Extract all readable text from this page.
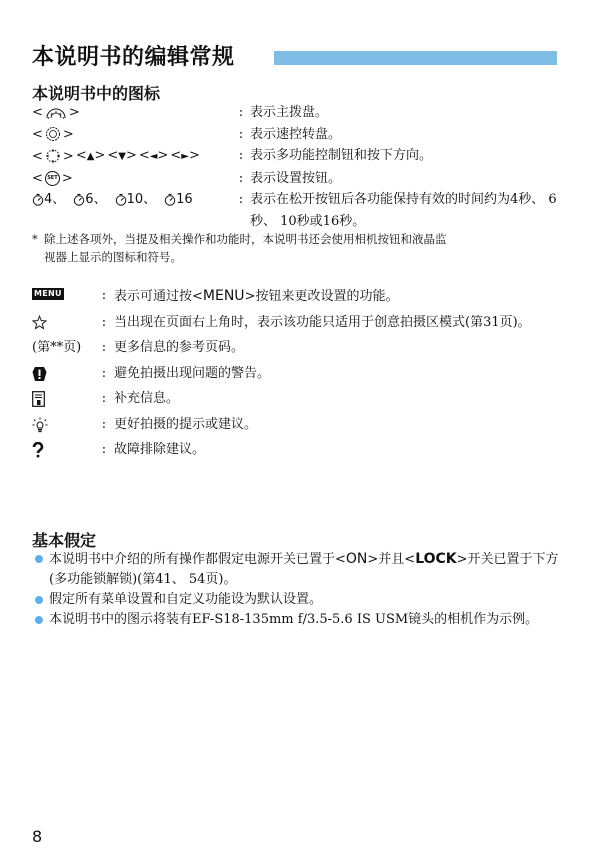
本说明书的编辑常规
本说明书中的图标
< >	: 表示主拨盘。
< >	: 表示速控转盘。
< > <▲> <▼> <◄> <►>	: 表示多功能控制钮和按下方向。
< SET >	: 表示设置按钮。
4、	6、	10、	16	: 表示在松开按钮后各功能保持有效的时间约为4秒、 6秒、 10秒或16秒。
* 除上述各项外，当提及相关操作和功能时，本说明书还会使用相机按钮和液晶监
视器上显示的图标和符号。
MENU	: 表示可通过按<MENU>按钮来更改设置的功能。
: 当出现在页面右上角时，表示该功能只适用于创意拍摄区模式(第31页)。
(第**页)	: 更多信息的参考页码。
: 避免拍摄出现问题的警告。
: 补充信息。
: 更好拍摄的提示或建议。
: 故障排除建议。
基本假定
本说明书中介绍的所有操作都假定电源开关已置于<ON>并且<LOCK>开关已置于下方(多功能锁解锁)(第41、 54页)。
假定所有菜单设置和自定义功能设为默认设置。
本说明书中的图示将装有EF-S18-135mm f/3.5-5.6 IS USM镜头的相机作为示例。
8
